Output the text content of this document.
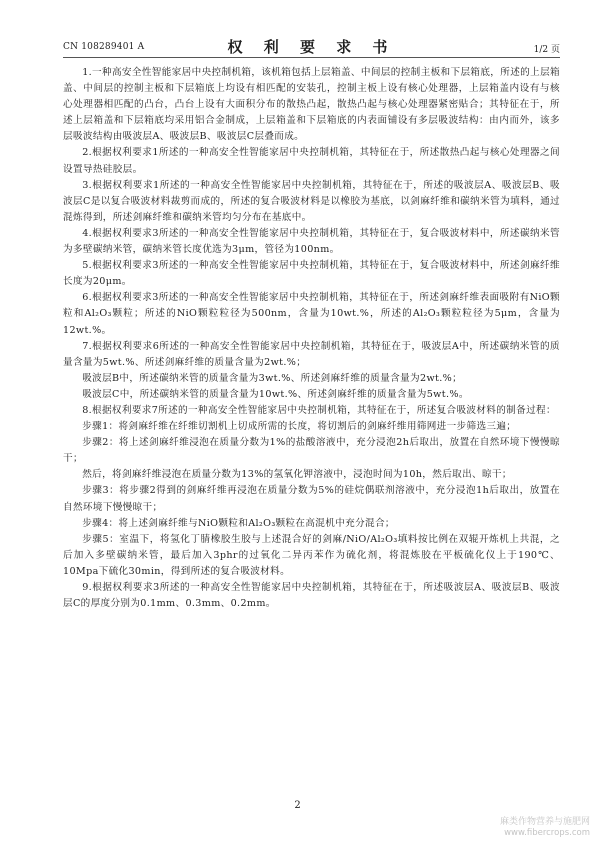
CN 108289401 A	权 利 要 求 书	1/2 页

1.一种高安全性智能家居中央控制机箱，该机箱包括上层箱盖、中间层的控制主板和下层箱底，所述的上层箱盖、中间层的控制主板和下层箱底上均设有相匹配的安装孔，控制主板上设有核心处理器，上层箱盖内设有与核心处理器相匹配的凸台，凸台上设有大面积分布的散热凸起，散热凸起与核心处理器紧密贴合；其特征在于，所述上层箱盖和下层箱底均采用铝合金制成，上层箱盖和下层箱底的内表面铺设有多层吸波结构：由内而外，该多层吸波结构由吸波层A、吸波层B、吸波层C层叠而成。

2.根据权利要求1所述的一种高安全性智能家居中央控制机箱，其特征在于，所述散热凸起与核心处理器之间设置导热硅胶层。

3.根据权利要求1所述的一种高安全性智能家居中央控制机箱，其特征在于，所述的吸波层A、吸波层B、吸波层C是以复合吸波材料裁剪而成的，所述的复合吸波材料是以橡胶为基底，以剑麻纤维和碳纳米管为填料，通过混炼得到，所述剑麻纤维和碳纳米管均匀分布在基底中。

4.根据权利要求3所述的一种高安全性智能家居中央控制机箱，其特征在于，复合吸波材料中，所述碳纳米管为多壁碳纳米管，碳纳米管长度优选为3μm，管径为100nm。

5.根据权利要求3所述的一种高安全性智能家居中央控制机箱，其特征在于，复合吸波材料中，所述剑麻纤维长度为20μm。

6.根据权利要求3所述的一种高安全性智能家居中央控制机箱，其特征在于，所述剑麻纤维表面吸附有NiO颗粒和Al₂O₃颗粒；所述的NiO颗粒粒径为500nm，含量为10wt.%，所述的Al₂O₃颗粒粒径为5μm，含量为12wt.%。

7.根据权利要求6所述的一种高安全性智能家居中央控制机箱，其特征在于，吸波层A中，所述碳纳米管的质量含量为5wt.%、所述剑麻纤维的质量含量为2wt.%；

吸波层B中，所述碳纳米管的质量含量为3wt.%、所述剑麻纤维的质量含量为2wt.%；

吸波层C中，所述碳纳米管的质量含量为10wt.%、所述剑麻纤维的质量含量为5wt.%。

8.根据权利要求7所述的一种高安全性智能家居中央控制机箱，其特征在于，所述复合吸波材料的制备过程：

步骤1：将剑麻纤维在纤维切割机上切成所需的长度，将切割后的剑麻纤维用筛网进一步筛选三遍；

步骤2：将上述剑麻纤维浸泡在质量分数为1%的盐酸溶液中，充分浸泡2h后取出，放置在自然环境下慢慢晾干；

然后，将剑麻纤维浸泡在质量分数为13%的氢氧化钾溶液中，浸泡时间为10h，然后取出、晾干；

步骤3：将步骤2得到的剑麻纤维再浸泡在质量分数为5%的硅烷偶联剂溶液中，充分浸泡1h后取出，放置在自然环境下慢慢晾干；

步骤4：将上述剑麻纤维与NiO颗粒和Al₂O₃颗粒在高混机中充分混合；

步骤5：室温下，将氢化丁腈橡胶生胶与上述混合好的剑麻/NiO/Al₂O₃填料按比例在双辊开炼机上共混，之后加入多壁碳纳米管，最后加入3phr的过氧化二异丙苯作为硫化剂，将混炼胶在平板硫化仪上于190℃、10Mpa下硫化30min，得到所述的复合吸波材料。

9.根据权利要求3所述的一种高安全性智能家居中央控制机箱，其特征在于，所述吸波层A、吸波层B、吸波层C的厚度分别为0.1mm、0.3mm、0.2mm。

2
麻类作物营养与施肥网
www.fibercrops.com
